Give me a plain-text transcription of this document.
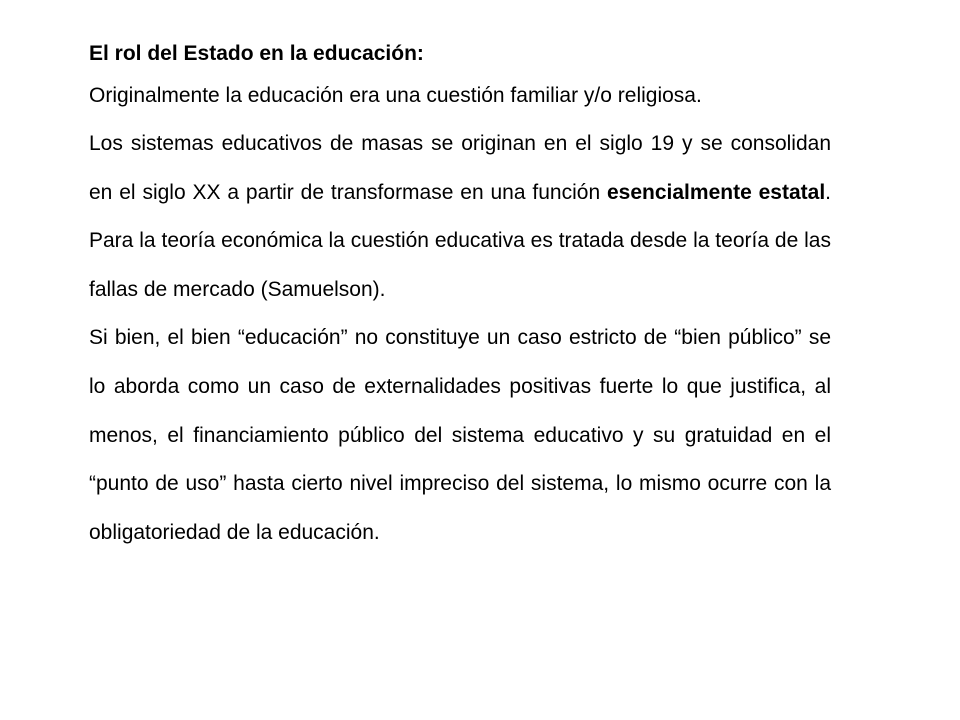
El rol del Estado en la educación:

Originalmente la educación era una cuestión familiar y/o religiosa.

Los sistemas educativos de masas se originan en el siglo 19 y se consolidan en el siglo XX a partir de transformase en una función esencialmente estatal. Para la teoría económica la cuestión educativa es tratada desde la teoría de las fallas de mercado (Samuelson).

Si bien, el bien “educación” no constituye un caso estricto de “bien público” se lo aborda como un caso de externalidades positivas fuerte lo que justifica, al menos, el financiamiento público del sistema educativo y su gratuidad en el “punto de uso” hasta cierto nivel impreciso del sistema, lo mismo ocurre con la obligatoriedad de la educación.
